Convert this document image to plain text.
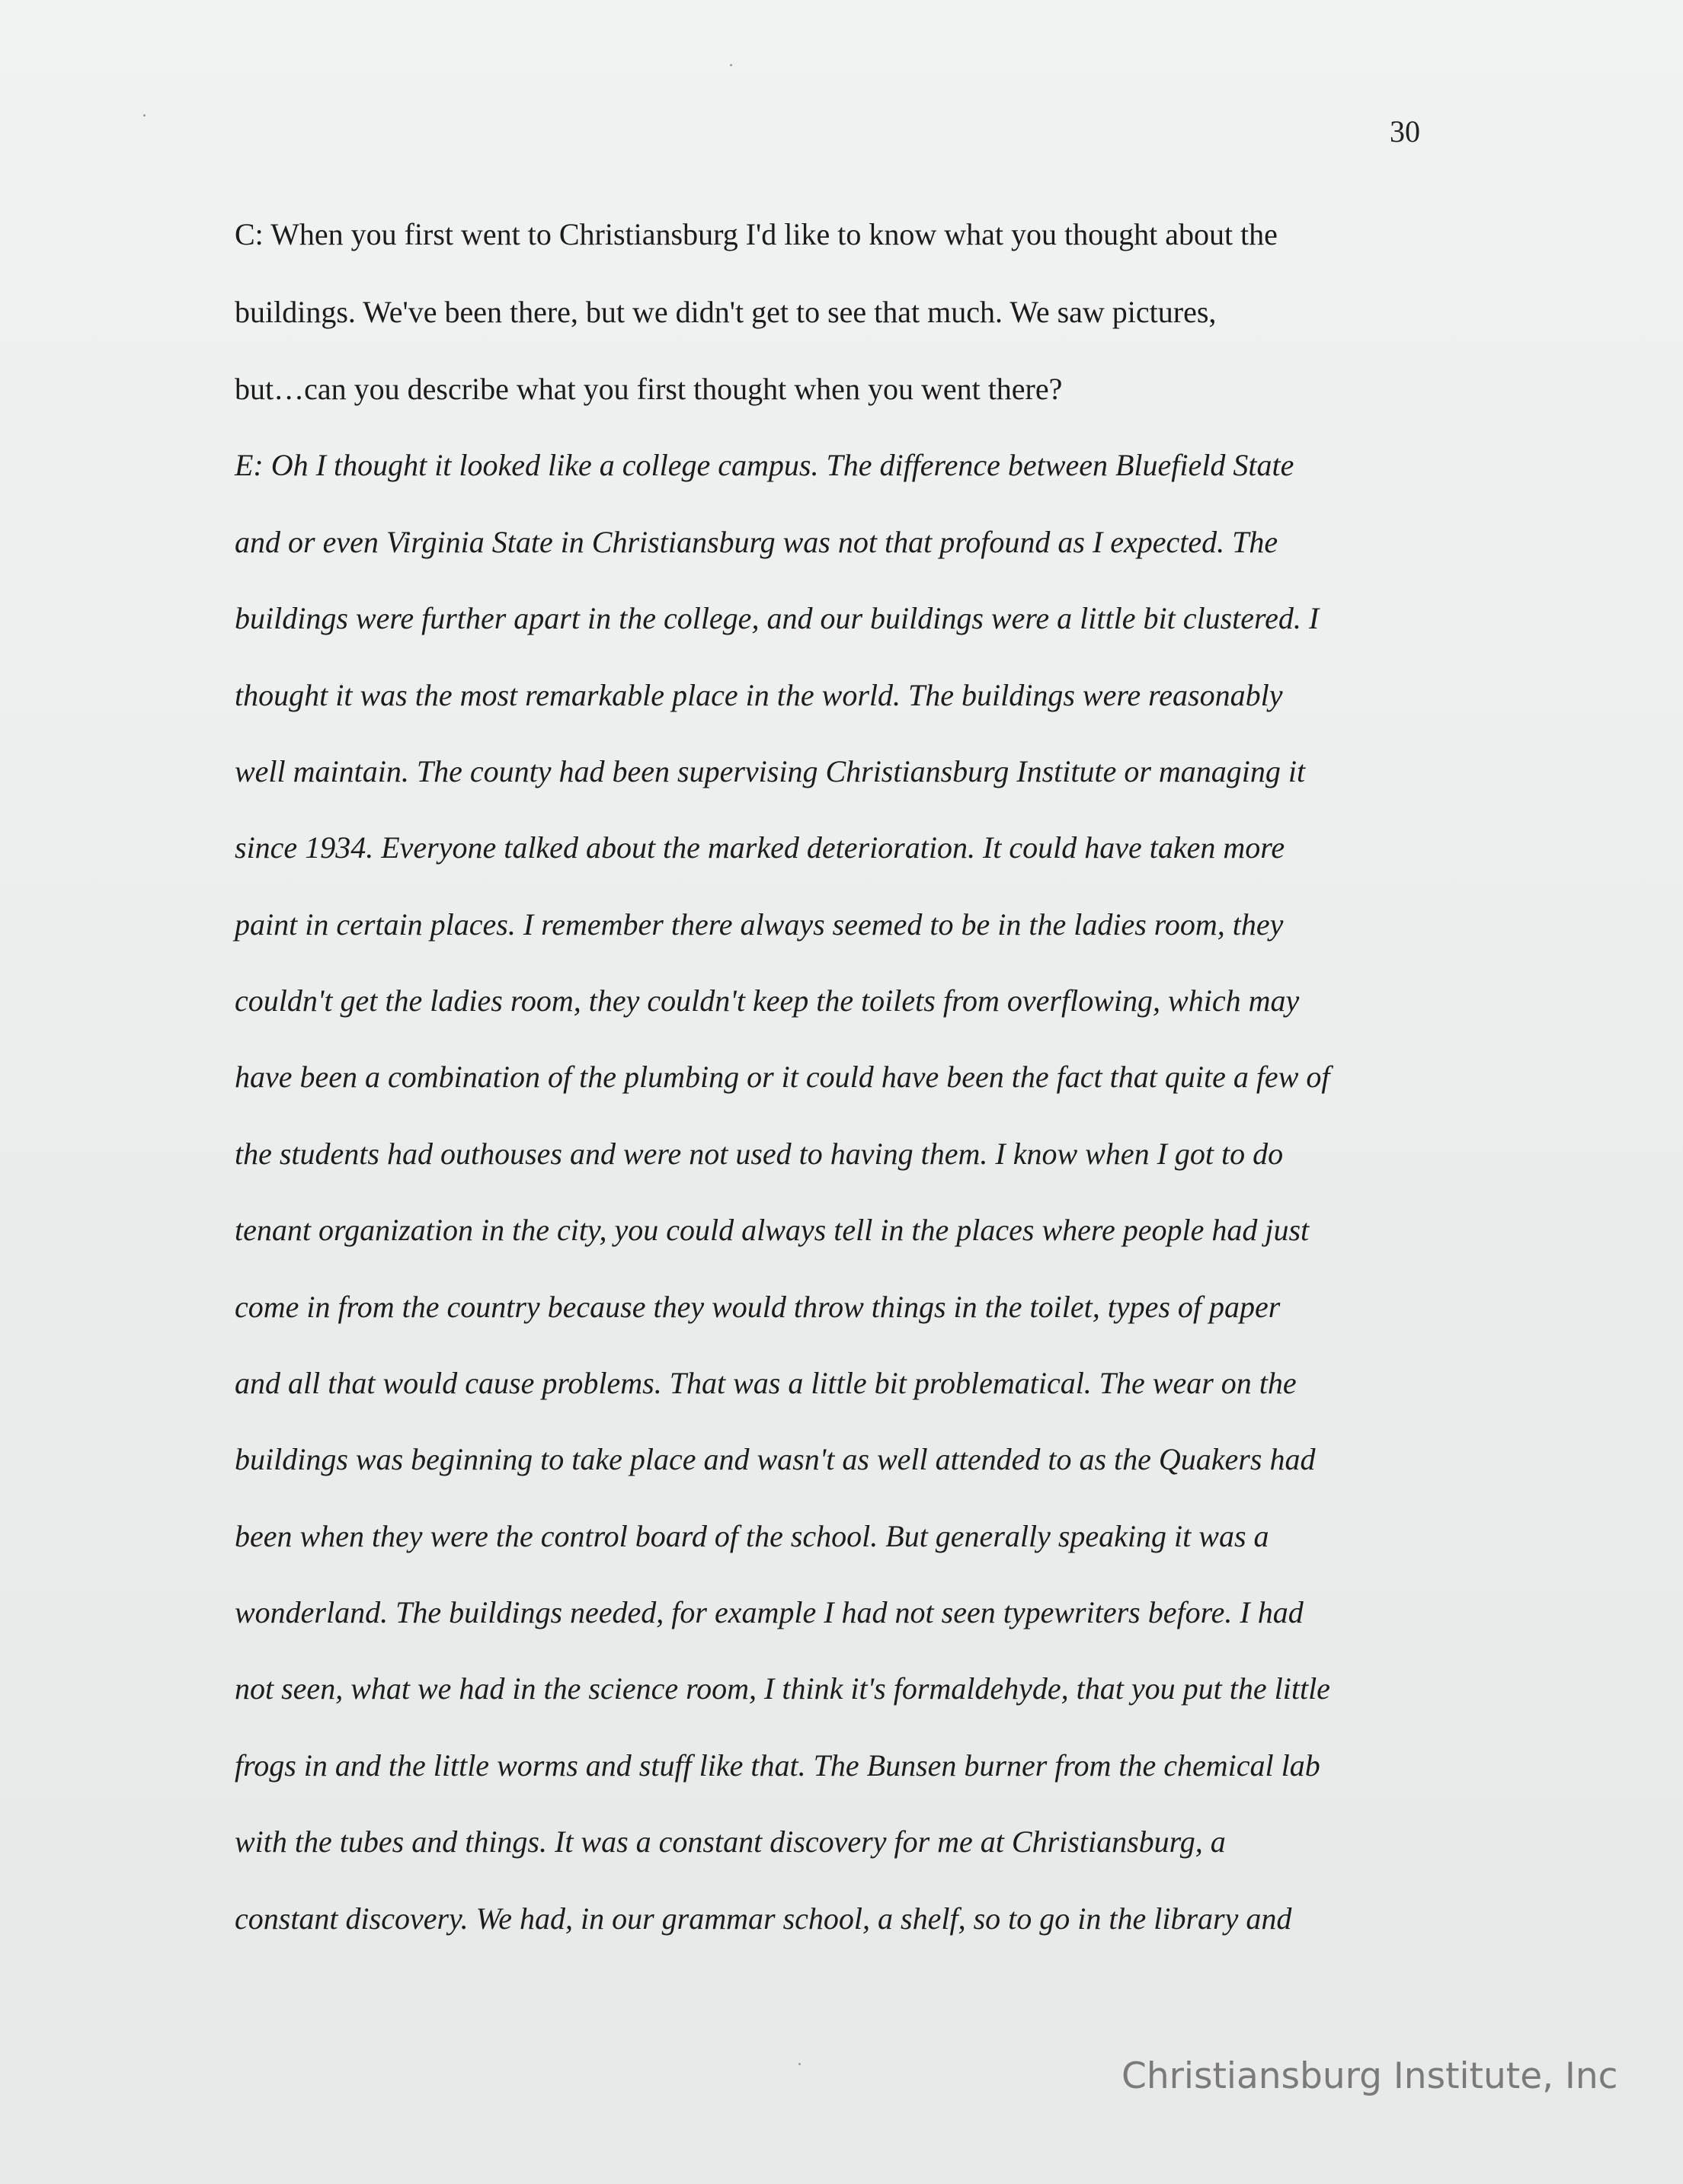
30
C: When you first went to Christiansburg I'd like to know what you thought about the
buildings. We've been there, but we didn't get to see that much. We saw pictures,
but…can you describe what you first thought when you went there?
E: Oh I thought it looked like a college campus. The difference between Bluefield State
and or even Virginia State in Christiansburg was not that profound as I expected. The
buildings were further apart in the college, and our buildings were a little bit clustered. I
thought it was the most remarkable place in the world. The buildings were reasonably
well maintain. The county had been supervising Christiansburg Institute or managing it
since 1934. Everyone talked about the marked deterioration. It could have taken more
paint in certain places. I remember there always seemed to be in the ladies room, they
couldn't get the ladies room, they couldn't keep the toilets from overflowing, which may
have been a combination of the plumbing or it could have been the fact that quite a few of
the students had outhouses and were not used to having them. I know when I got to do
tenant organization in the city, you could always tell in the places where people had just
come in from the country because they would throw things in the toilet, types of paper
and all that would cause problems. That was a little bit problematical. The wear on the
buildings was beginning to take place and wasn't as well attended to as the Quakers had
been when they were the control board of the school. But generally speaking it was a
wonderland. The buildings needed, for example I had not seen typewriters before. I had
not seen, what we had in the science room, I think it's formaldehyde, that you put the little
frogs in and the little worms and stuff like that. The Bunsen burner from the chemical lab
with the tubes and things. It was a constant discovery for me at Christiansburg, a
constant discovery. We had, in our grammar school, a shelf, so to go in the library and
Christiansburg Institute, Inc
